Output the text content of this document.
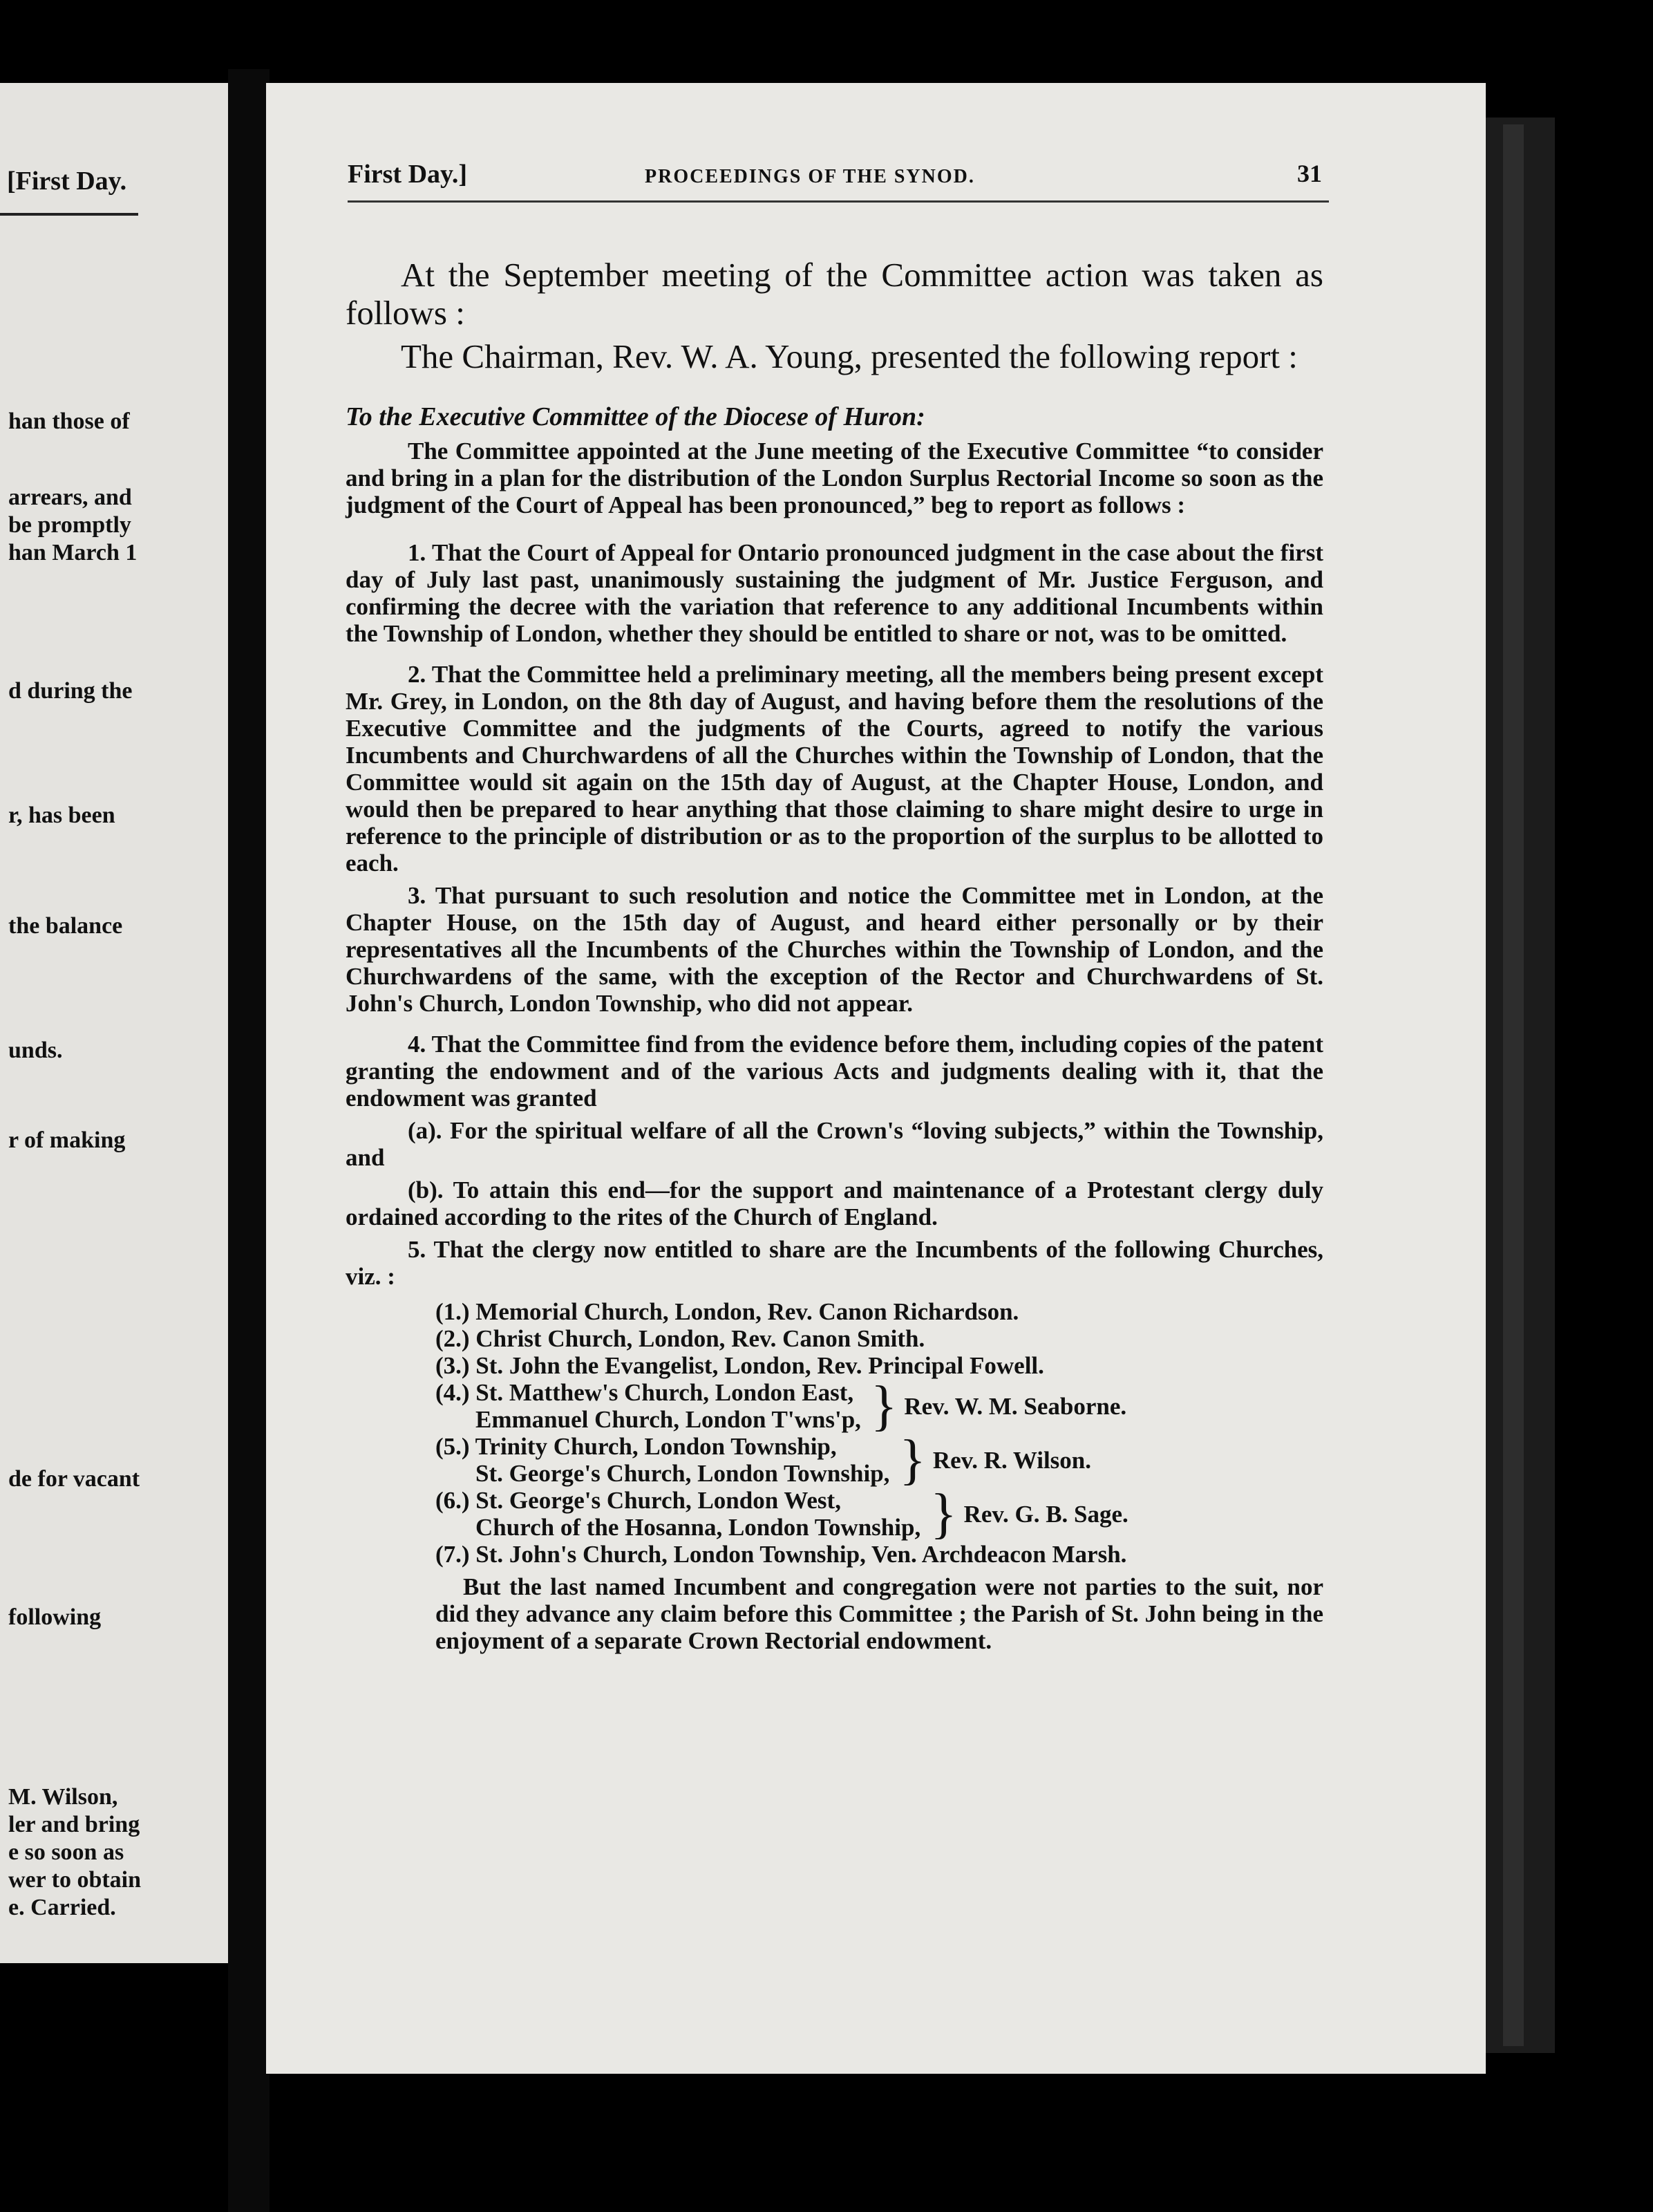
[First Day.
han those of
arrears, and
be promptly
han March 1
d during the
r, has been
the balance
unds.
r of making
de for vacant
following
M. Wilson,
ler and bring
e so soon as
wer to obtain
e. Carried.
First Day.]	PROCEEDINGS OF THE SYNOD.	31

At the September meeting of the Committee action was taken as follows :

The Chairman, Rev. W. A. Young, presented the following report :

To the Executive Committee of the Diocese of Huron:

The Committee appointed at the June meeting of the Executive Committee “to consider and bring in a plan for the distribution of the London Surplus Rectorial Income so soon as the judgment of the Court of Appeal has been pronounced,” beg to report as follows :

1. That the Court of Appeal for Ontario pronounced judgment in the case about the first day of July last past, unanimously sustaining the judgment of Mr. Justice Ferguson, and confirming the decree with the variation that reference to any additional Incumbents within the Township of London, whether they should be entitled to share or not, was to be omitted.

2. That the Committee held a preliminary meeting, all the members being present except Mr. Grey, in London, on the 8th day of August, and having before them the resolutions of the Executive Committee and the judgments of the Courts, agreed to notify the various Incumbents and Churchwardens of all the Churches within the Township of London, that the Committee would sit again on the 15th day of August, at the Chapter House, London, and would then be prepared to hear anything that those claiming to share might desire to urge in reference to the principle of distribution or as to the proportion of the surplus to be allotted to each.

3. That pursuant to such resolution and notice the Committee met in London, at the Chapter House, on the 15th day of August, and heard either personally or by their representatives all the Incumbents of the Churches within the Township of London, and the Churchwardens of the same, with the exception of the Rector and Churchwardens of St. John's Church, London Township, who did not appear.

4. That the Committee find from the evidence before them, including copies of the patent granting the endowment and of the various Acts and judgments dealing with it, that the endowment was granted

(a). For the spiritual welfare of all the Crown's “loving subjects,” within the Township, and

(b). To attain this end—for the support and maintenance of a Protestant clergy duly ordained according to the rites of the Church of England.

5. That the clergy now entitled to share are the Incumbents of the following Churches, viz. :

(1.) Memorial Church, London, Rev. Canon Richardson.
(2.) Christ Church, London, Rev. Canon Smith.
(3.) St. John the Evangelist, London, Rev. Principal Fowell.
(4.) St. Matthew's Church, London East,
Emmanuel Church, London T'wns'p, } Rev. W. M. Seaborne.
(5.) Trinity Church, London Township,
St. George's Church, London Township, } Rev. R. Wilson.
(6.) St. George's Church, London West,
Church of the Hosanna, London Township, } Rev. G. B. Sage.
(7.) St. John's Church, London Township, Ven. Archdeacon Marsh.

But the last named Incumbent and congregation were not parties to the suit, nor did they advance any claim before this Committee ; the Parish of St. John being in the enjoyment of a separate Crown Rectorial endowment.
